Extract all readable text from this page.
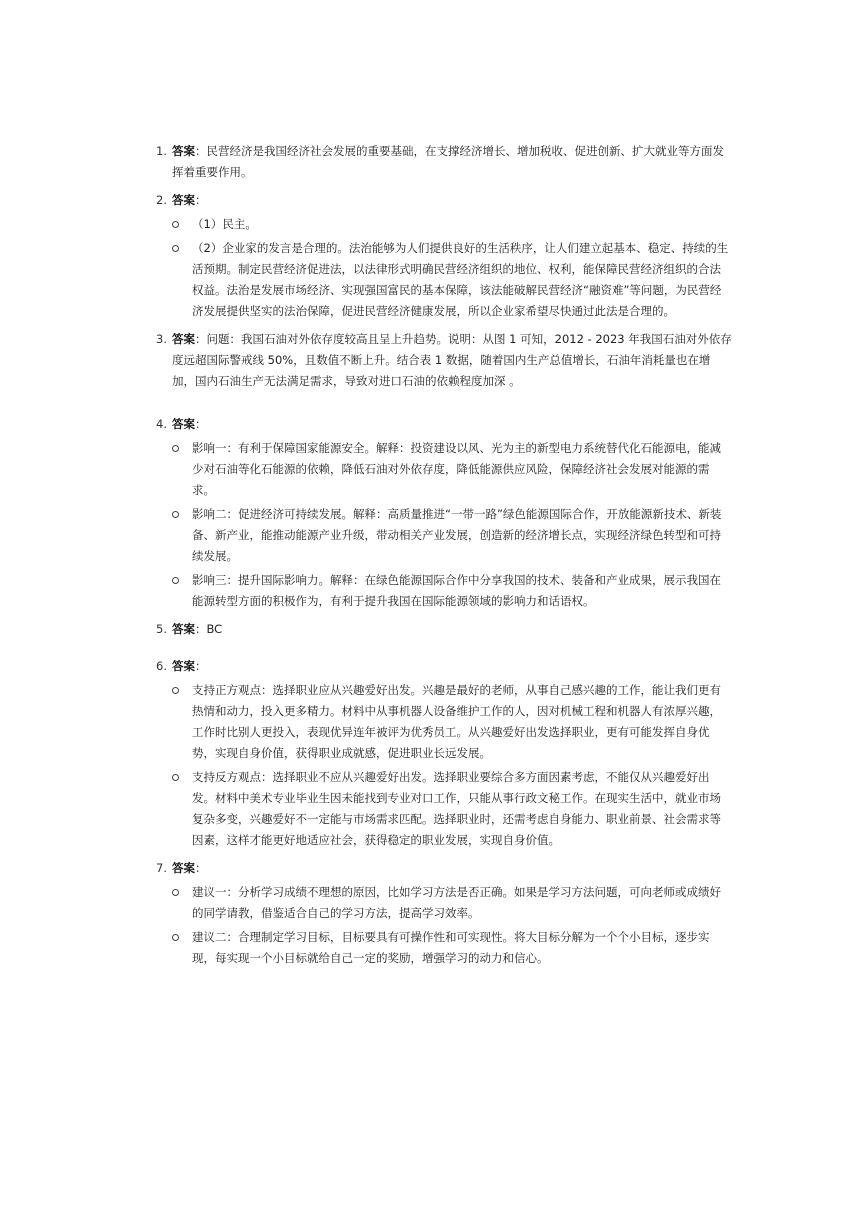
1. 答案：民营经济是我国经济社会发展的重要基础，在支撑经济增长、增加税收、促进创新、扩大就业等方面发挥着重要作用。
2. 答案：
（1）民主。
（2）企业家的发言是合理的。法治能够为人们提供良好的生活秩序，让人们建立起基本、稳定、持续的生活预期。制定民营经济促进法，以法律形式明确民营经济组织的地位、权利，能保障民营经济组织的合法权益。法治是发展市场经济、实现强国富民的基本保障，该法能破解民营经济“融资难”等问题，为民营经济发展提供坚实的法治保障，促进民营经济健康发展，所以企业家希望尽快通过此法是合理的。
3. 答案：问题：我国石油对外依存度较高且呈上升趋势。说明：从图 1 可知，2012 - 2023 年我国石油对外依存度远超国际警戒线 50%，且数值不断上升。结合表 1 数据，随着国内生产总值增长，石油年消耗量也在增加，国内石油生产无法满足需求，导致对进口石油的依赖程度加深 。
4. 答案：
影响一：有利于保障国家能源安全。解释：投资建设以风、光为主的新型电力系统替代化石能源电，能减少对石油等化石能源的依赖，降低石油对外依存度，降低能源供应风险，保障经济社会发展对能源的需求。
影响二：促进经济可持续发展。解释：高质量推进“一带一路”绿色能源国际合作，开放能源新技术、新装备、新产业，能推动能源产业升级，带动相关产业发展，创造新的经济增长点，实现经济绿色转型和可持续发展。
影响三：提升国际影响力。解释：在绿色能源国际合作中分享我国的技术、装备和产业成果，展示我国在能源转型方面的积极作为，有利于提升我国在国际能源领域的影响力和话语权。
5. 答案：BC
6. 答案：
支持正方观点：选择职业应从兴趣爱好出发。兴趣是最好的老师，从事自己感兴趣的工作，能让我们更有热情和动力，投入更多精力。材料中从事机器人设备维护工作的人，因对机械工程和机器人有浓厚兴趣，工作时比别人更投入，表现优异连年被评为优秀员工。从兴趣爱好出发选择职业，更有可能发挥自身优势，实现自身价值，获得职业成就感，促进职业长远发展。
支持反方观点：选择职业不应从兴趣爱好出发。选择职业要综合多方面因素考虑，不能仅从兴趣爱好出发。材料中美术专业毕业生因未能找到专业对口工作，只能从事行政文秘工作。在现实生活中，就业市场复杂多变，兴趣爱好不一定能与市场需求匹配。选择职业时，还需考虑自身能力、职业前景、社会需求等因素，这样才能更好地适应社会，获得稳定的职业发展，实现自身价值。
7. 答案：
建议一：分析学习成绩不理想的原因，比如学习方法是否正确。如果是学习方法问题，可向老师或成绩好的同学请教，借鉴适合自己的学习方法，提高学习效率。
建议二：合理制定学习目标，目标要具有可操作性和可实现性。将大目标分解为一个个小目标，逐步实现，每实现一个小目标就给自己一定的奖励，增强学习的动力和信心。
